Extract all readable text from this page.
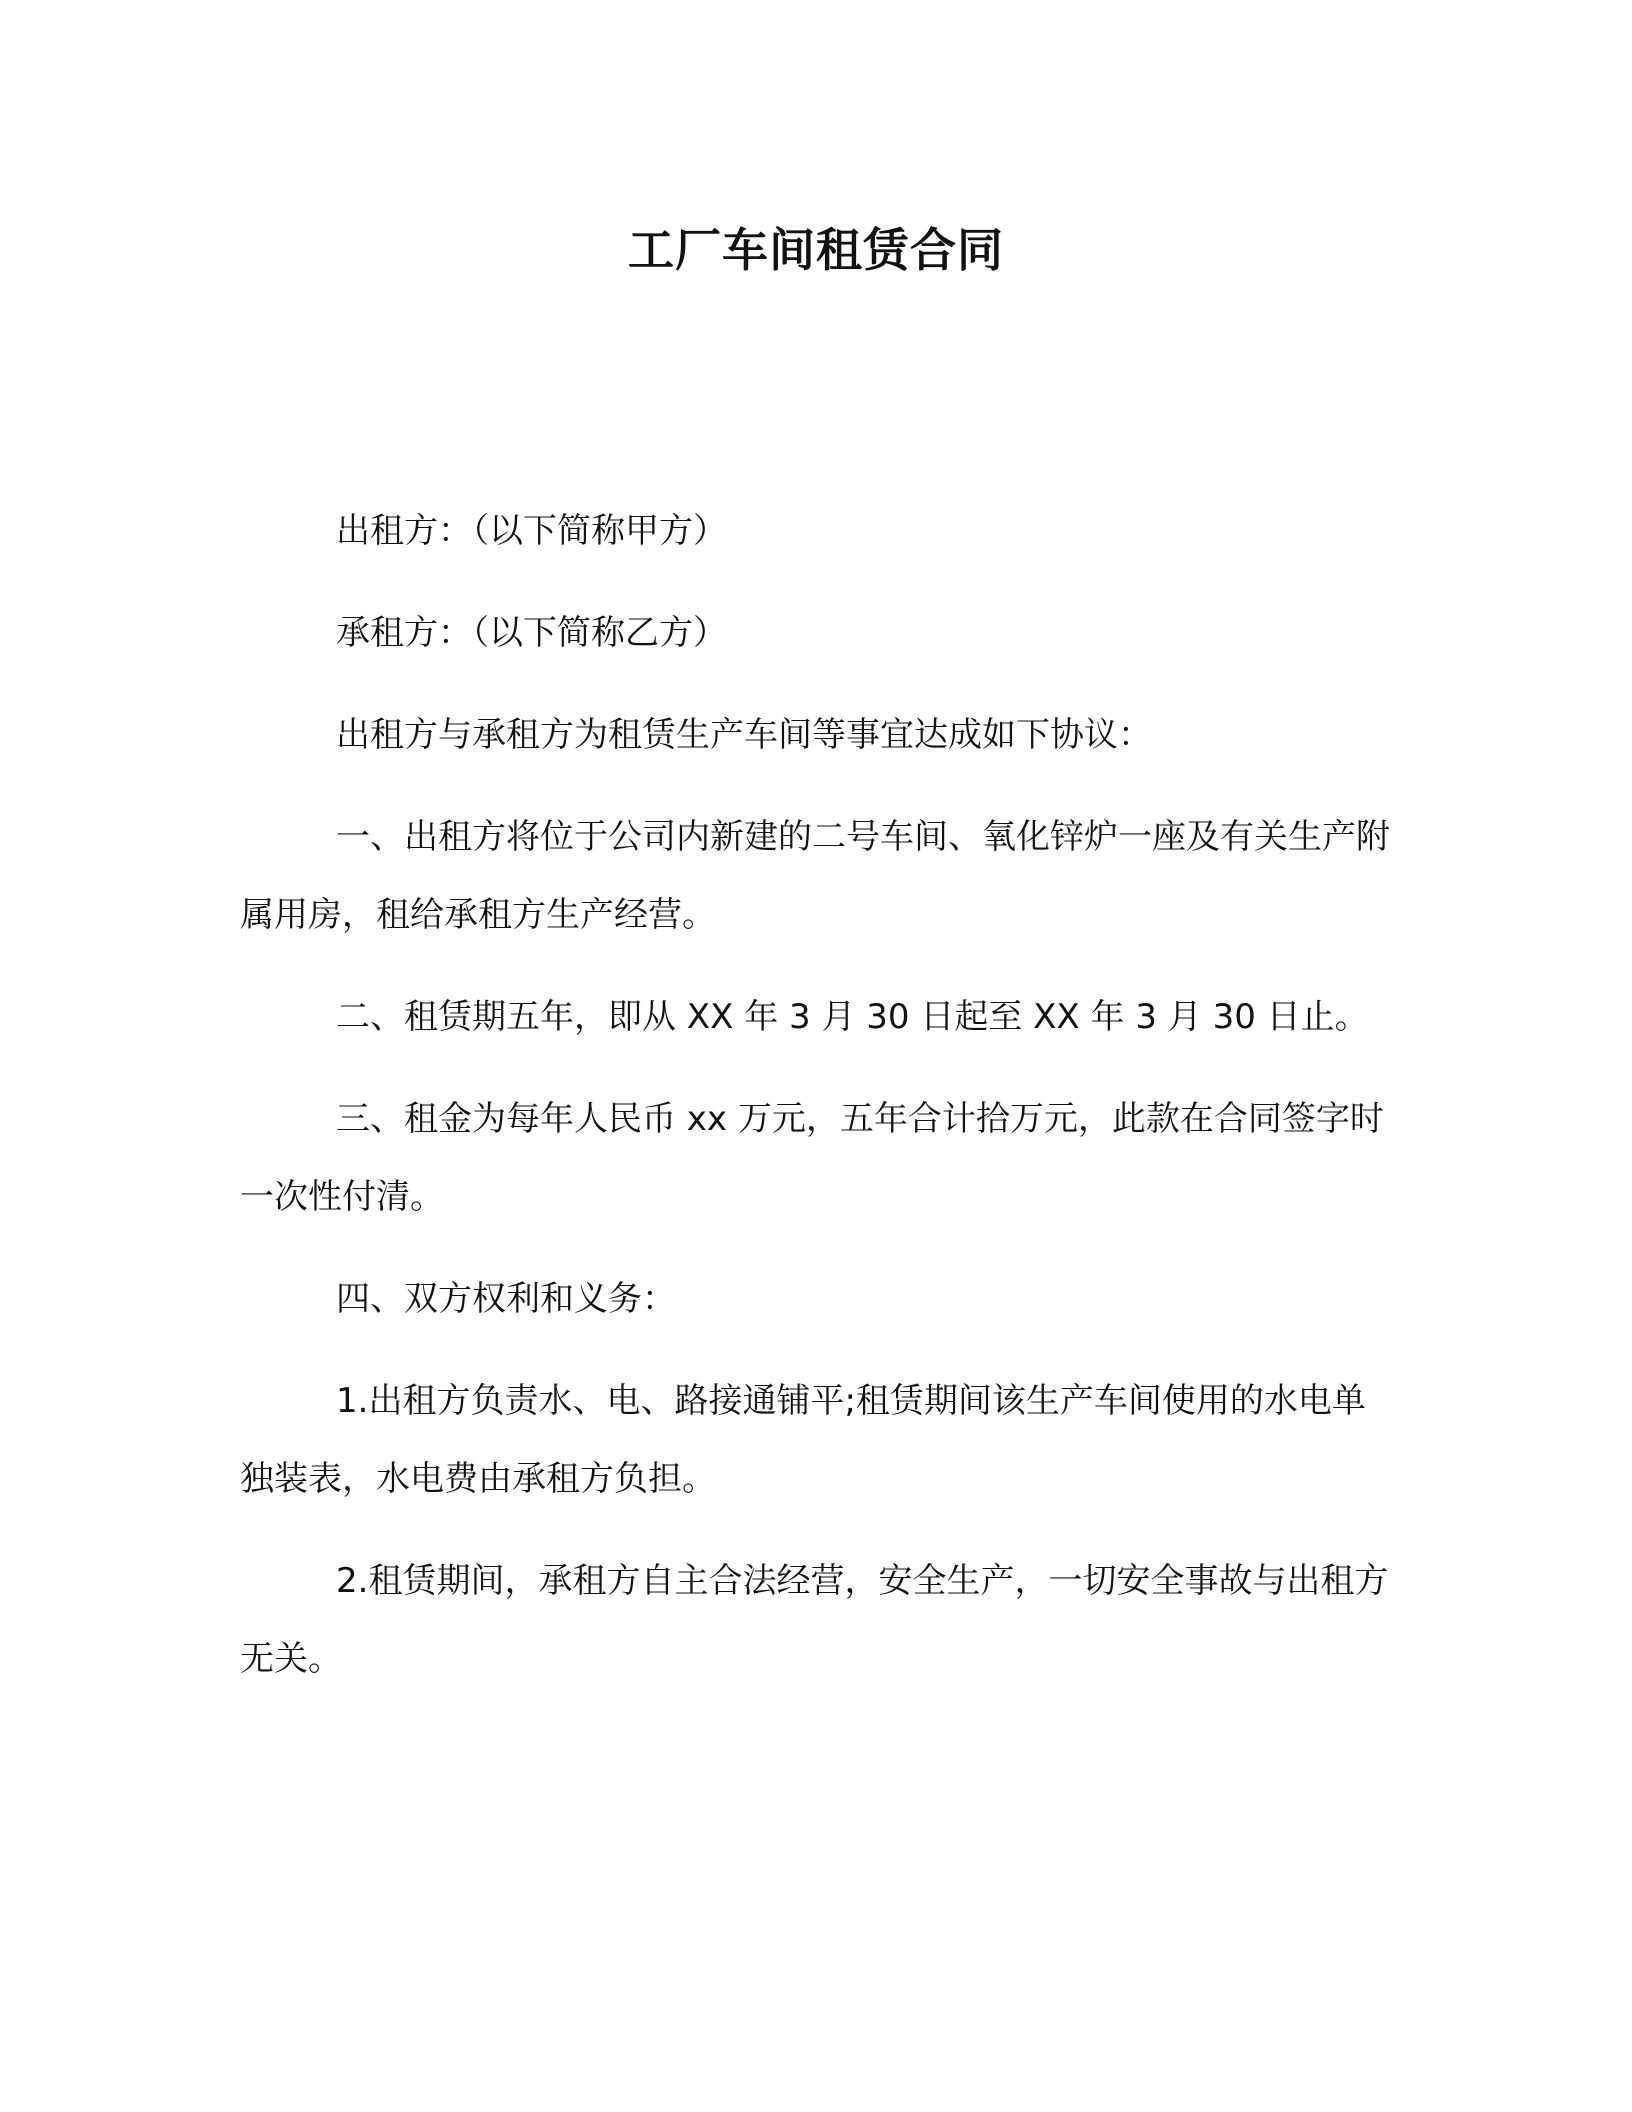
工厂车间租赁合同

出租方：（以下简称甲方）

承租方：（以下简称乙方）

出租方与承租方为租赁生产车间等事宜达成如下协议：

一、出租方将位于公司内新建的二号车间、氧化锌炉一座及有关生产附属用房，租给承租方生产经营。

二、租赁期五年，即从 XX 年 3 月 30 日起至 XX 年 3 月 30 日止。

三、租金为每年人民币 xx 万元，五年合计拾万元，此款在合同签字时一次性付清。

四、双方权利和义务：

1.出租方负责水、电、路接通铺平;租赁期间该生产车间使用的水电单独装表，水电费由承租方负担。

2.租赁期间，承租方自主合法经营，安全生产，一切安全事故与出租方无关。
